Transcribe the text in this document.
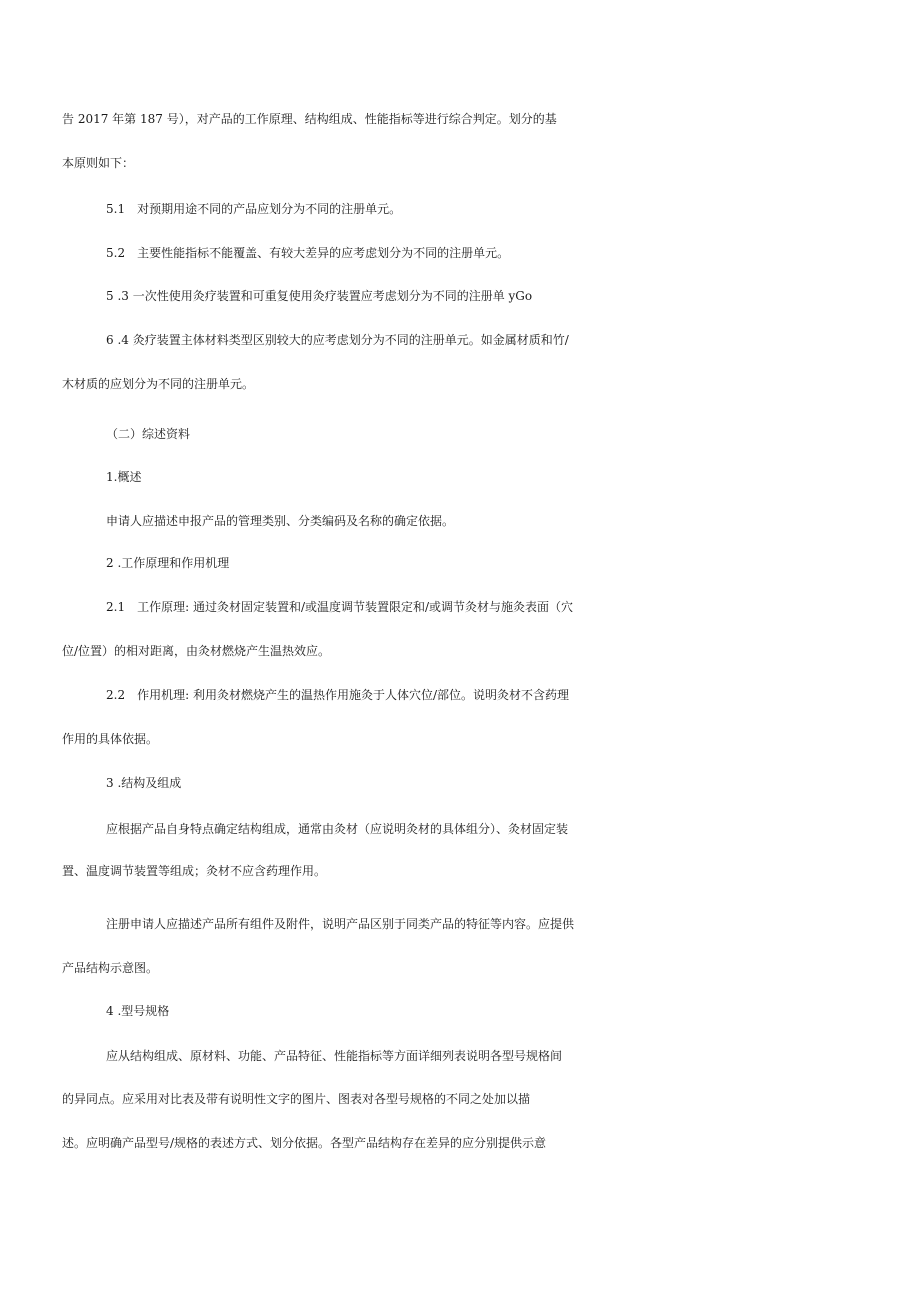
告 2017 年第 187 号），对产品的工作原理、结构组成、性能指标等进行综合判定。划分的基
本原则如下：
5.1　对预期用途不同的产品应划分为不同的注册单元。
5.2　主要性能指标不能覆盖、有较大差异的应考虑划分为不同的注册单元。
5 .3 一次性使用灸疗装置和可重复使用灸疗装置应考虑划分为不同的注册单 yGo
6 .4 灸疗装置主体材料类型区别较大的应考虑划分为不同的注册单元。如金属材质和竹/
木材质的应划分为不同的注册单元。
（二）综述资料
1.概述
申请人应描述申报产品的管理类别、分类编码及名称的确定依据。
2 .工作原理和作用机理
2.1　工作原理: 通过灸材固定装置和/或温度调节装置限定和/或调节灸材与施灸表面（穴
位/位置）的相对距离，由灸材燃烧产生温热效应。
2.2　作用机理: 利用灸材燃烧产生的温热作用施灸于人体穴位/部位。说明灸材不含药理
作用的具体依据。
3 .结构及组成
应根据产品自身特点确定结构组成，通常由灸材（应说明灸材的具体组分）、灸材固定装
置、温度调节装置等组成；灸材不应含药理作用。
注册申请人应描述产品所有组件及附件，说明产品区别于同类产品的特征等内容。应提供
产品结构示意图。
4 .型号规格
应从结构组成、原材料、功能、产品特征、性能指标等方面详细列表说明各型号规格间
的异同点。应采用对比表及带有说明性文字的图片、图表对各型号规格的不同之处加以描
述。应明确产品型号/规格的表述方式、划分依据。各型产品结构存在差异的应分别提供示意
